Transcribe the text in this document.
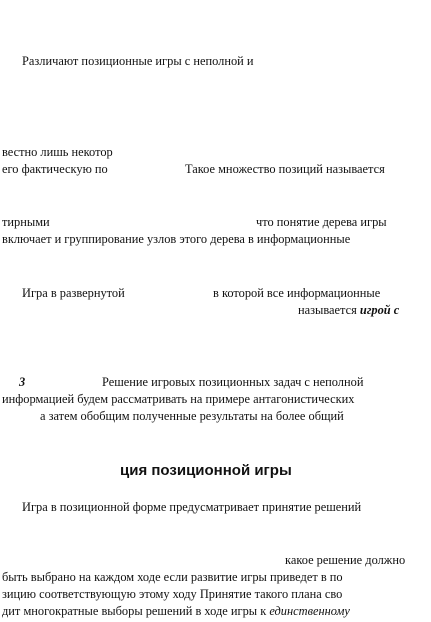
Различают позиционные игры с неполной и
вестно лишь некотор
его фактическую по	Такое множество позиций называется
тирными	что понятие дерева игры
включает и группирование узлов этого дерева в информационные
Игра в развернутой	в которой все информационные
называется игрой с
3	Решение игровых позиционных задач с неполной
информацией будем рассматривать на примере антагонистических
а затем обобщим полученные результаты на более общий
ция позиционной игры
Игра в позиционной форме предусматривает принятие решений
какое решение должно
быть выбрано на каждом ходе если развитие игры приведет в по
зицию соответствующую этому ходу Принятие такого плана сво
дит многократные выборы решений в ходе игры к единственному
